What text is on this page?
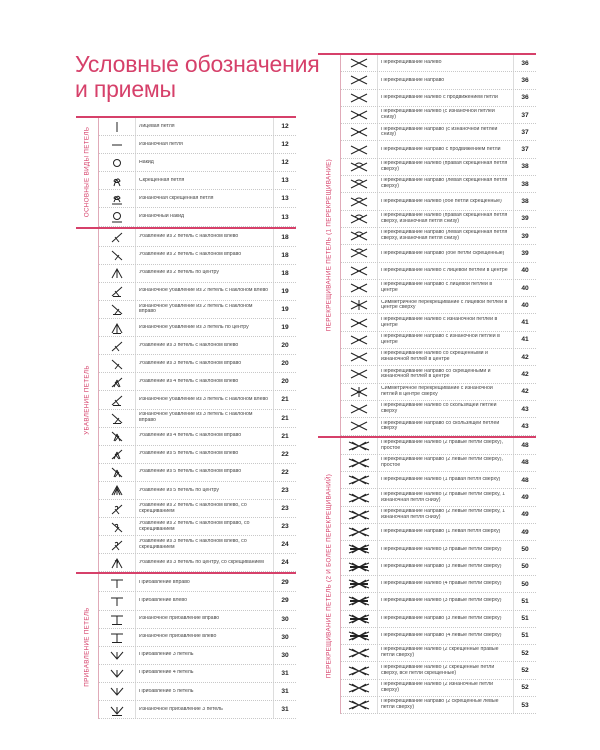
Условные обозначения
и приемы
ОСНОВНЫЕ ВИДЫ ПЕТЕЛЬ
Лицевая петля	12
Изнаночная петля	12
Накид	12
Скрещенная петля	13
Изнаночная скрещенная петля	13
Изнаночный накид	13
УБАВЛЕНИЕ ПЕТЕЛЬ
Убавление из 2 петель с наклоном влево	18
Убавление из 2 петель с наклоном вправо	18
Убавление из 2 петель по центру	18
Изнаночное убавление из 2 петель с наклоном влево	19
Изнаночное убавление из 2 петель с наклоном вправо	19
Изнаночное убавление из 3 петель по центру	19
Убавление из 3 петель с наклоном влево	20
Убавление из 3 петель с наклоном вправо	20
Убавление из 4 петель с наклоном влево	20
Изнаночное убавление из 3 петель с наклоном влево	21
Изнаночное убавление из 3 петель с наклоном вправо	21
Убавление из 4 петель с наклоном вправо	21
Убавление из 5 петель с наклоном влево	22
Убавление из 5 петель с наклоном вправо	22
Убавление из 5 петель по центру	23
Убавление из 2 петель с наклоном влево, со скрещиванием	23
Убавление из 2 петель с наклоном вправо, со скрещиванием	23
Убавление из 3 петель с наклоном влево, со скрещиванием	24
Убавление из 3 петель по центру, со скрещиванием	24
ПРИБАВЛЕНИЕ ПЕТЕЛЬ
Прибавление вправо	29
Прибавление влево	29
Изнаночное прибавление вправо	30
Изнаночное прибавление влево	30
Прибавление 3 петель	30
Прибавление 4 петель	31
Прибавление 5 петель	31
Изнаночное прибавление 3 петель	31
ПЕРЕКРЕЩИВАНИЕ ПЕТЕЛЬ (1 ПЕРЕКРЕЩИВАНИЕ)
Перекрещивание налево	36
Перекрещивание направо	36
Перекрещивание налево с продвижением петли	36
Перекрещивание налево (с изнаночной петлей снизу)	37
Перекрещивание направо (с изнаночной петлей снизу)	37
Перекрещивание направо с продвижением петли	37
Перекрещивание налево (правая скрещенная петля сверху)	38
Перекрещивание направо (левая скрещенная петля сверху)	38
Перекрещивание налево (обе петли скрещенные)	38
Перекрещивание налево (правая скрещенная петля сверху, изнаночная петля снизу)	39
Перекрещивание направо (левая скрещенная петля сверху, изнаночная петля снизу)	39
Перекрещивание направо (обе петли скрещенные)	39
Перекрещивание налево с лицевой петлей в центре	40
Перекрещивание направо с лицевой петлей в центре	40
Симметричное перекрещивание с лицевой петлей в центре сверху	40
Перекрещивание налево с изнаночной петлей в центре	41
Перекрещивание направо с изнаночной петлей в центре	41
Перекрещивание налево со скрещенными и изнаночной петлей в центре	42
Перекрещивание направо со скрещенными и изнаночной петлей в центре	42
Симметричное перекрещивание с изнаночной петлей в центре сверху	42
Перекрещивание налево со скользящей петлей сверху	43
Перекрещивание направо со скользящей петлей сверху	43
ПЕРЕКРЕЩИВАНИЕ ПЕТЕЛЬ (2 И БОЛЕЕ ПЕРЕКРЕЩИВАНИЙ)
Перекрещивание налево (2 правые петли сверху), простое	48
Перекрещивание направо (2 левые петли сверху), простое	48
Перекрещивание налево (1 правая петля сверху)	48
Перекрещивание налево (2 правые петли сверху, 1 изнаночная петля снизу)	49
Перекрещивание направо (2 левые петли сверху, 1 изнаночная петля снизу)	49
Перекрещивание направо (1 левая петля сверху)	49
Перекрещивание налево (3 правые петли сверху)	50
Перекрещивание направо (3 левые петли сверху)	50
Перекрещивание налево (4 правые петли сверху)	50
Перекрещивание налево (3 правые петли сверху)	51
Перекрещивание направо (3 левые петли сверху)	51
Перекрещивание направо (4 левые петли сверху)	51
Перекрещивание налево (2 скрещенные правые петли сверху)	52
Перекрещивание налево (2 скрещенные петли сверху, все петли скрещенные)	52
Перекрещивание налево (2 изнаночные петли сверху)	52
Перекрещивание направо (2 скрещенные левые петли сверху)	53
